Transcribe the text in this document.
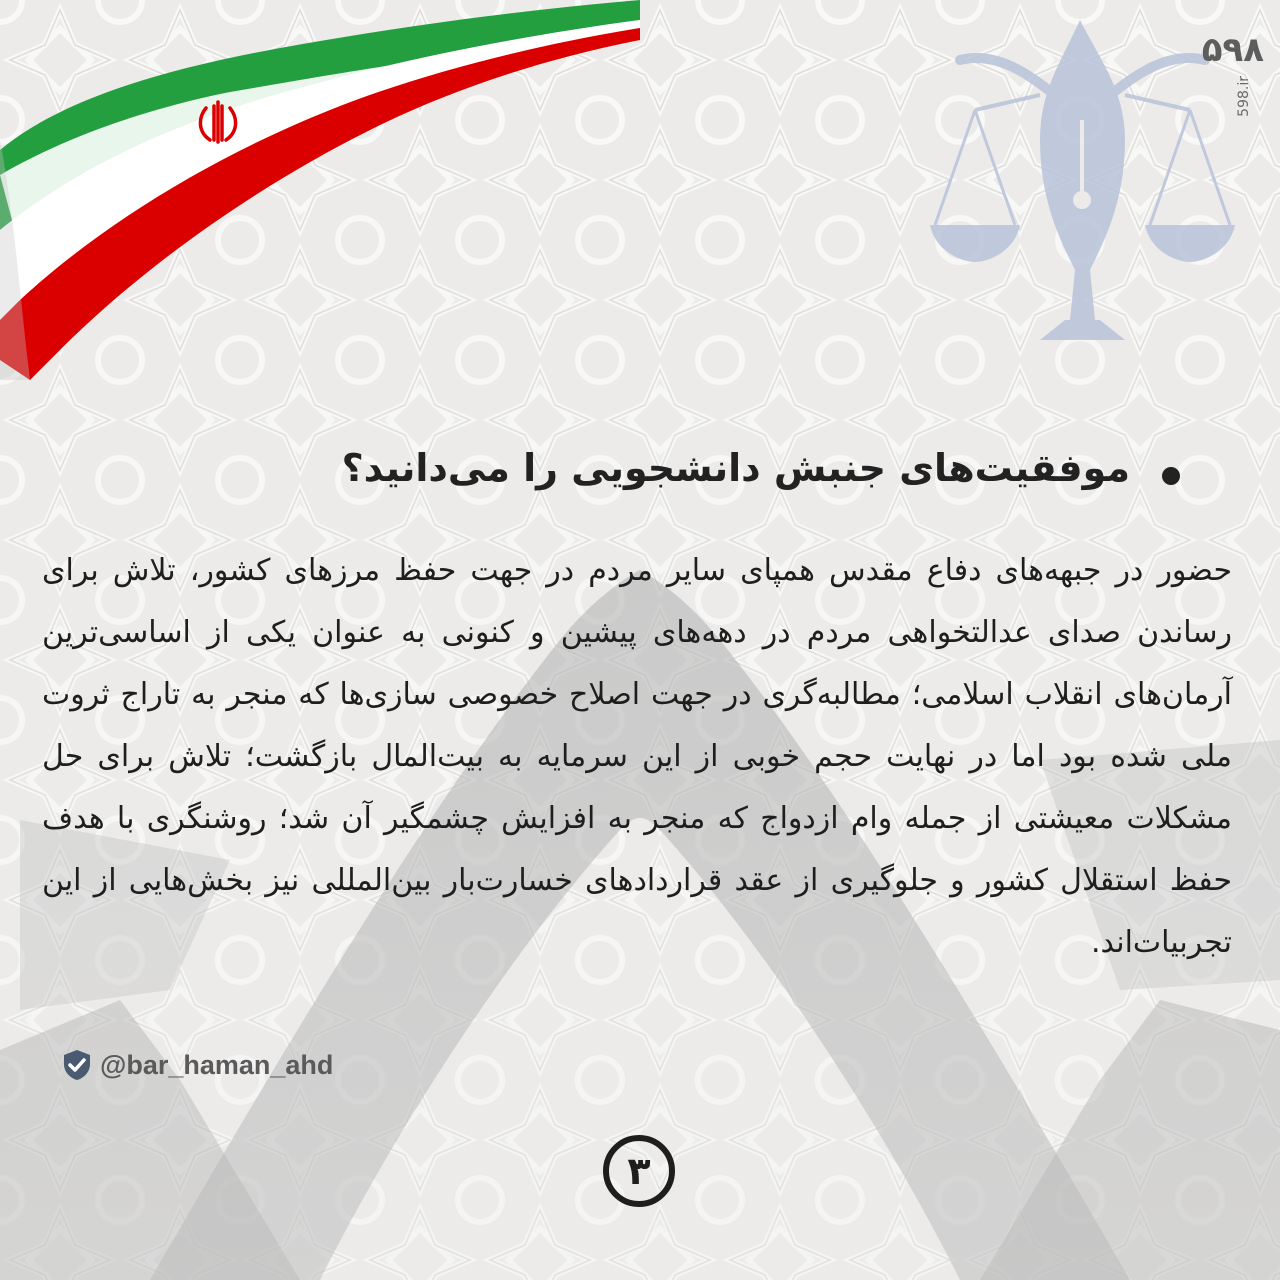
۵۹۸
598.ir
موفقیت‌های جنبش دانشجویی را می‌دانید؟
حضور در جبهه‌های دفاع مقدس همپای سایر مردم در جهت حفظ مرزهای کشور، تلاش برای رساندن صدای عدالتخواهی مردم در دهه‌های پیشین و کنونی به عنوان یکی از اساسی‌ترین آرمان‌های انقلاب اسلامی؛ مطالبه‌گری در جهت اصلاح خصوصی سازی‌ها که منجر به تاراج ثروت ملی شده بود اما در نهایت حجم خوبی از این سرمایه به بیت‌المال بازگشت؛ تلاش برای حل مشکلات معیشتی از جمله وام ازدواج که منجر به افزایش چشمگیر آن شد؛ روشنگری با هدف حفظ استقلال کشور و جلوگیری از عقد قراردادهای خسارت‌بار بین‌المللی نیز بخش‌هایی از این تجربیات‌اند.
@bar_haman_ahd
۳
